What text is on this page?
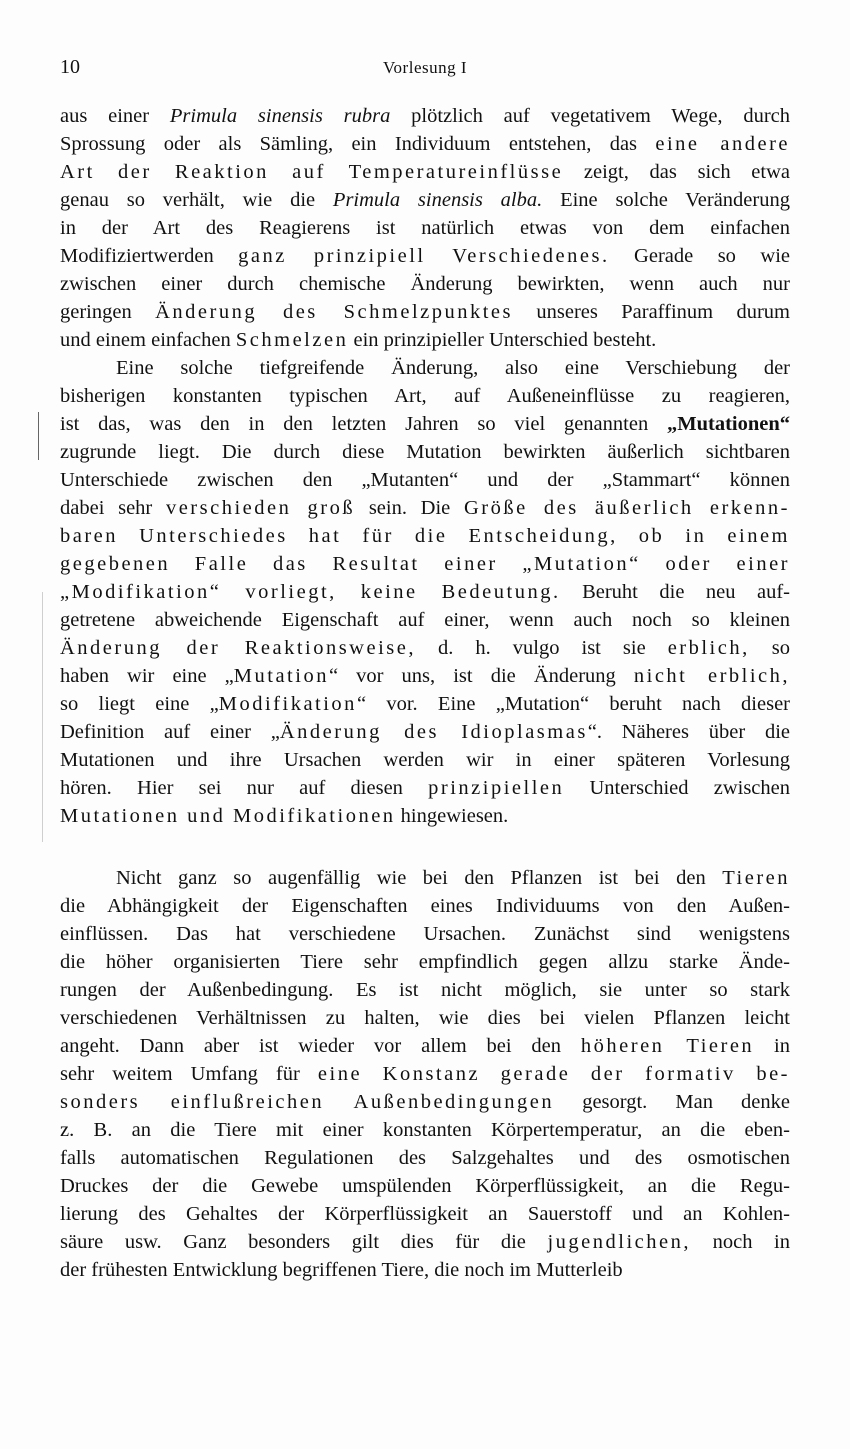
10	Vorlesung I
aus einer Primula sinensis rubra plötzlich auf vegetativem Wege, durch
Sprossung oder als Sämling, ein Individuum entstehen, das eine andere
Art der Reaktion auf Temperatureinflüsse zeigt, das sich etwa
genau so verhält, wie die Primula sinensis alba. Eine solche Veränderung
in der Art des Reagierens ist natürlich etwas von dem einfachen
Modifiziertwerden ganz prinzipiell Verschiedenes. Gerade so wie
zwischen einer durch chemische Änderung bewirkten, wenn auch nur
geringen Änderung des Schmelzpunktes unseres Paraffinum durum
und einem einfachen Schmelzen ein prinzipieller Unterschied besteht.
Eine solche tiefgreifende Änderung, also eine Verschiebung der
bisherigen konstanten typischen Art, auf Außeneinflüsse zu reagieren,
ist das, was den in den letzten Jahren so viel genannten „Mutationen“
zugrunde liegt. Die durch diese Mutation bewirkten äußerlich sichtbaren
Unterschiede zwischen den „Mutanten“ und der „Stammart“ können
dabei sehr verschieden groß sein. Die Größe des äußerlich erkenn-
baren Unterschiedes hat für die Entscheidung, ob in einem
gegebenen Falle das Resultat einer „Mutation“ oder einer
„Modifikation“ vorliegt, keine Bedeutung. Beruht die neu auf-
getretene abweichende Eigenschaft auf einer, wenn auch noch so kleinen
Änderung der Reaktionsweise, d. h. vulgo ist sie erblich, so
haben wir eine „Mutation“ vor uns, ist die Änderung nicht erblich,
so liegt eine „Modifikation“ vor. Eine „Mutation“ beruht nach dieser
Definition auf einer „Änderung des Idioplasmas“. Näheres über die
Mutationen und ihre Ursachen werden wir in einer späteren Vorlesung
hören. Hier sei nur auf diesen prinzipiellen Unterschied zwischen
Mutationen und Modifikationen hingewiesen.
Nicht ganz so augenfällig wie bei den Pflanzen ist bei den Tieren
die Abhängigkeit der Eigenschaften eines Individuums von den Außen-
einflüssen. Das hat verschiedene Ursachen. Zunächst sind wenigstens
die höher organisierten Tiere sehr empfindlich gegen allzu starke Ände-
rungen der Außenbedingung. Es ist nicht möglich, sie unter so stark
verschiedenen Verhältnissen zu halten, wie dies bei vielen Pflanzen leicht
angeht. Dann aber ist wieder vor allem bei den höheren Tieren in
sehr weitem Umfang für eine Konstanz gerade der formativ be-
sonders einflußreichen Außenbedingungen gesorgt. Man denke
z. B. an die Tiere mit einer konstanten Körpertemperatur, an die eben-
falls automatischen Regulationen des Salzgehaltes und des osmotischen
Druckes der die Gewebe umspülenden Körperflüssigkeit, an die Regu-
lierung des Gehaltes der Körperflüssigkeit an Sauerstoff und an Kohlen-
säure usw. Ganz besonders gilt dies für die jugendlichen, noch in
der frühesten Entwicklung begriffenen Tiere, die noch im Mutterleib
